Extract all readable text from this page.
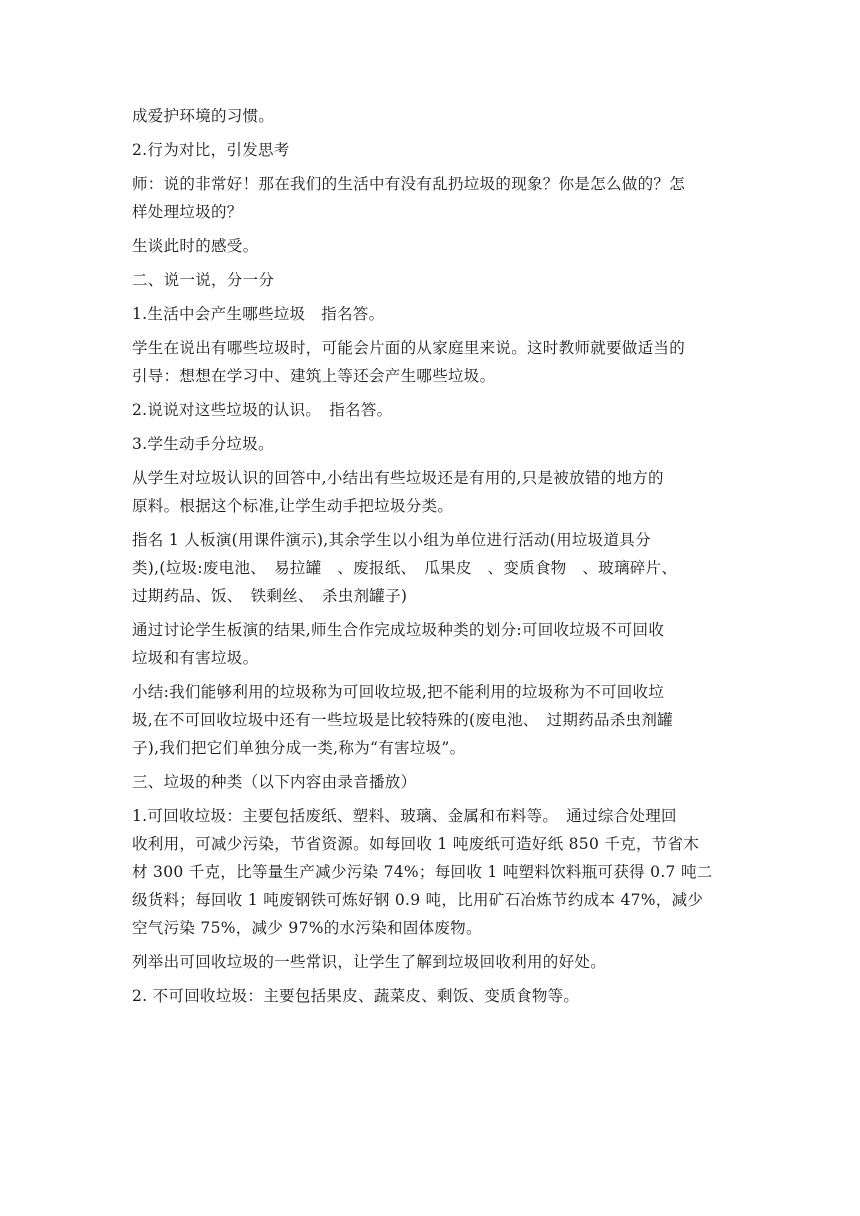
成爱护环境的习惯。

2.行为对比，引发思考

师：说的非常好！那在我们的生活中有没有乱扔垃圾的现象？你是怎么做的？怎

样处理垃圾的？

生谈此时的感受。

二、说一说，分一分

1.生活中会产生哪些垃圾　指名答。

学生在说出有哪些垃圾时，可能会片面的从家庭里来说。这时教师就要做适当的

引导：想想在学习中、建筑上等还会产生哪些垃圾。

2.说说对这些垃圾的认识。　指名答。

3.学生动手分垃圾。

从学生对垃圾认识的回答中,小结出有些垃圾还是有用的,只是被放错的地方的

原料。根据这个标准,让学生动手把垃圾分类。

指名 1 人板演(用课件演示),其余学生以小组为单位进行活动(用垃圾道具分

类),(垃圾:废电池、　易拉罐　、废报纸、　瓜果皮　、变质食物　、玻璃碎片、

过期药品、饭、　铁剩丝、　杀虫剂罐子)

通过讨论学生板演的结果,师生合作完成垃圾种类的划分:可回收垃圾不可回收

垃圾和有害垃圾。

小结:我们能够利用的垃圾称为可回收垃圾,把不能利用的垃圾称为不可回收垃

圾,在不可回收垃圾中还有一些垃圾是比较特殊的(废电池、　过期药品杀虫剂罐

子),我们把它们单独分成一类,称为“有害垃圾”。

三、垃圾的种类（以下内容由录音播放）

1.可回收垃圾：主要包括废纸、塑料、玻璃、金属和布料等。　通过综合处理回

收利用，可减少污染，节省资源。如每回收 1 吨废纸可造好纸 850 千克，节省木

材 300 千克，比等量生产减少污染 74%；每回收 1 吨塑料饮料瓶可获得 0.7 吨二

级货料；每回收 1 吨废钢铁可炼好钢 0.9 吨，比用矿石冶炼节约成本 47%，减少

空气污染 75%，减少 97%的水污染和固体废物。

列举出可回收垃圾的一些常识，让学生了解到垃圾回收利用的好处。

2. 不可回收垃圾：主要包括果皮、蔬菜皮、剩饭、变质食物等。
